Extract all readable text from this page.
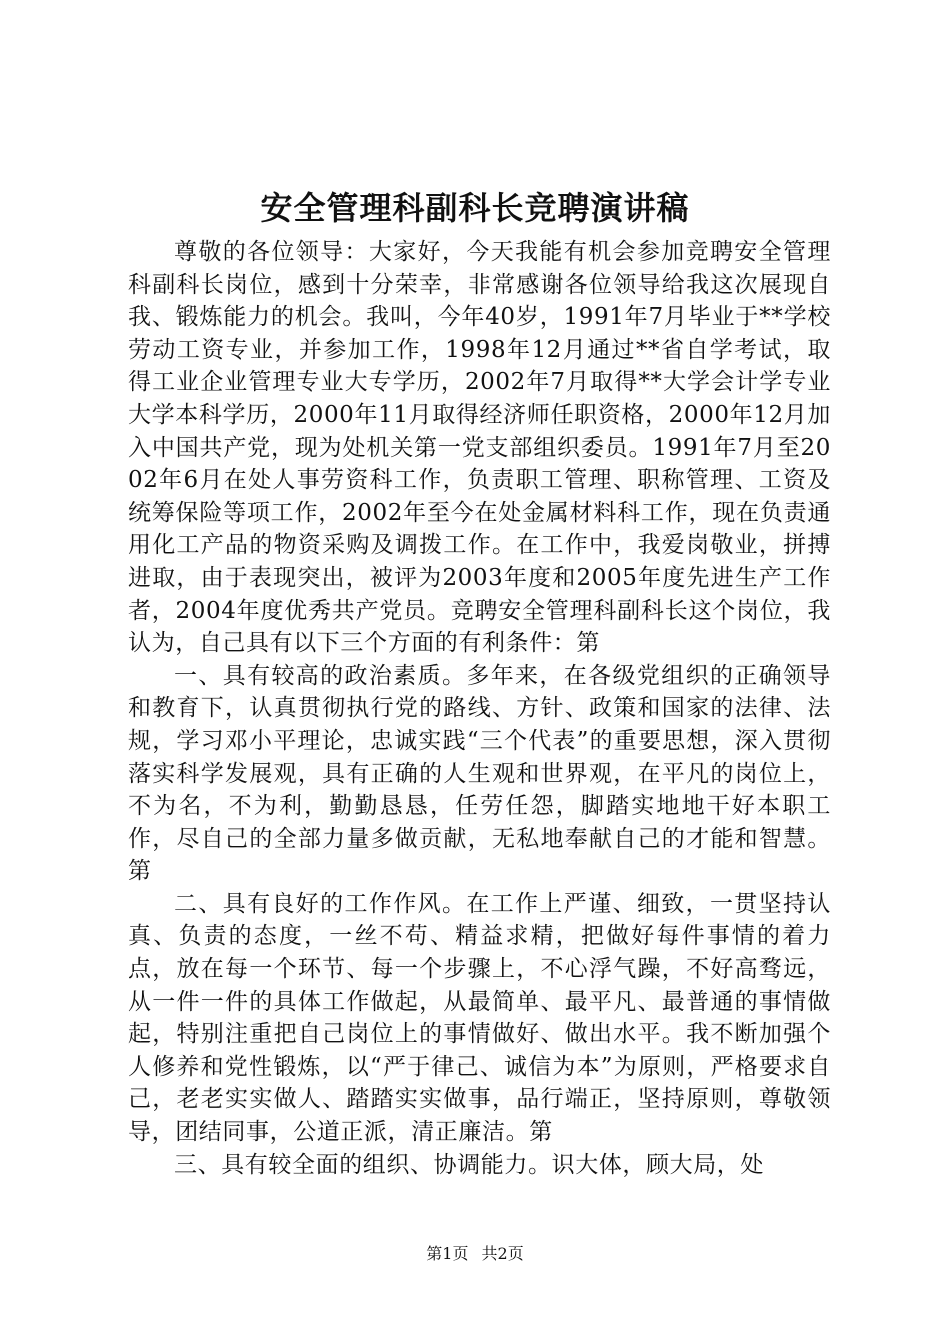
安全管理科副科长竞聘演讲稿

尊敬的各位领导：大家好，今天我能有机会参加竞聘安全管理科副科长岗位，感到十分荣幸，非常感谢各位领导给我这次展现自我、锻炼能力的机会。我叫，今年40岁，1991年7月毕业于**学校劳动工资专业，并参加工作，1998年12月通过**省自学考试，取得工业企业管理专业大专学历，2002年7月取得**大学会计学专业大学本科学历，2000年11月取得经济师任职资格，2000年12月加入中国共产党，现为处机关第一党支部组织委员。1991年7月至2002年6月在处人事劳资科工作，负责职工管理、职称管理、工资及统筹保险等项工作，2002年至今在处金属材料科工作，现在负责通用化工产品的物资采购及调拨工作。在工作中，我爱岗敬业，拼搏进取，由于表现突出，被评为2003年度和2005年度先进生产工作者，2004年度优秀共产党员。竞聘安全管理科副科长这个岗位，我认为，自己具有以下三个方面的有利条件：第

一、具有较高的政治素质。多年来，在各级党组织的正确领导和教育下，认真贯彻执行党的路线、方针、政策和国家的法律、法规，学习邓小平理论，忠诚实践“三个代表”的重要思想，深入贯彻落实科学发展观，具有正确的人生观和世界观，在平凡的岗位上，不为名，不为利，勤勤恳恳，任劳任怨，脚踏实地地干好本职工作，尽自己的全部力量多做贡献，无私地奉献自己的才能和智慧。第

二、具有良好的工作作风。在工作上严谨、细致，一贯坚持认真、负责的态度，一丝不苟、精益求精，把做好每件事情的着力点，放在每一个环节、每一个步骤上，不心浮气躁，不好高骛远，从一件一件的具体工作做起，从最简单、最平凡、最普通的事情做起，特别注重把自己岗位上的事情做好、做出水平。我不断加强个人修养和党性锻炼，以“严于律己、诚信为本”为原则，严格要求自己，老老实实做人、踏踏实实做事，品行端正，坚持原则，尊敬领导，团结同事，公道正派，清正廉洁。第

三、具有较全面的组织、协调能力。识大体，顾大局，处

第1页 共2页
